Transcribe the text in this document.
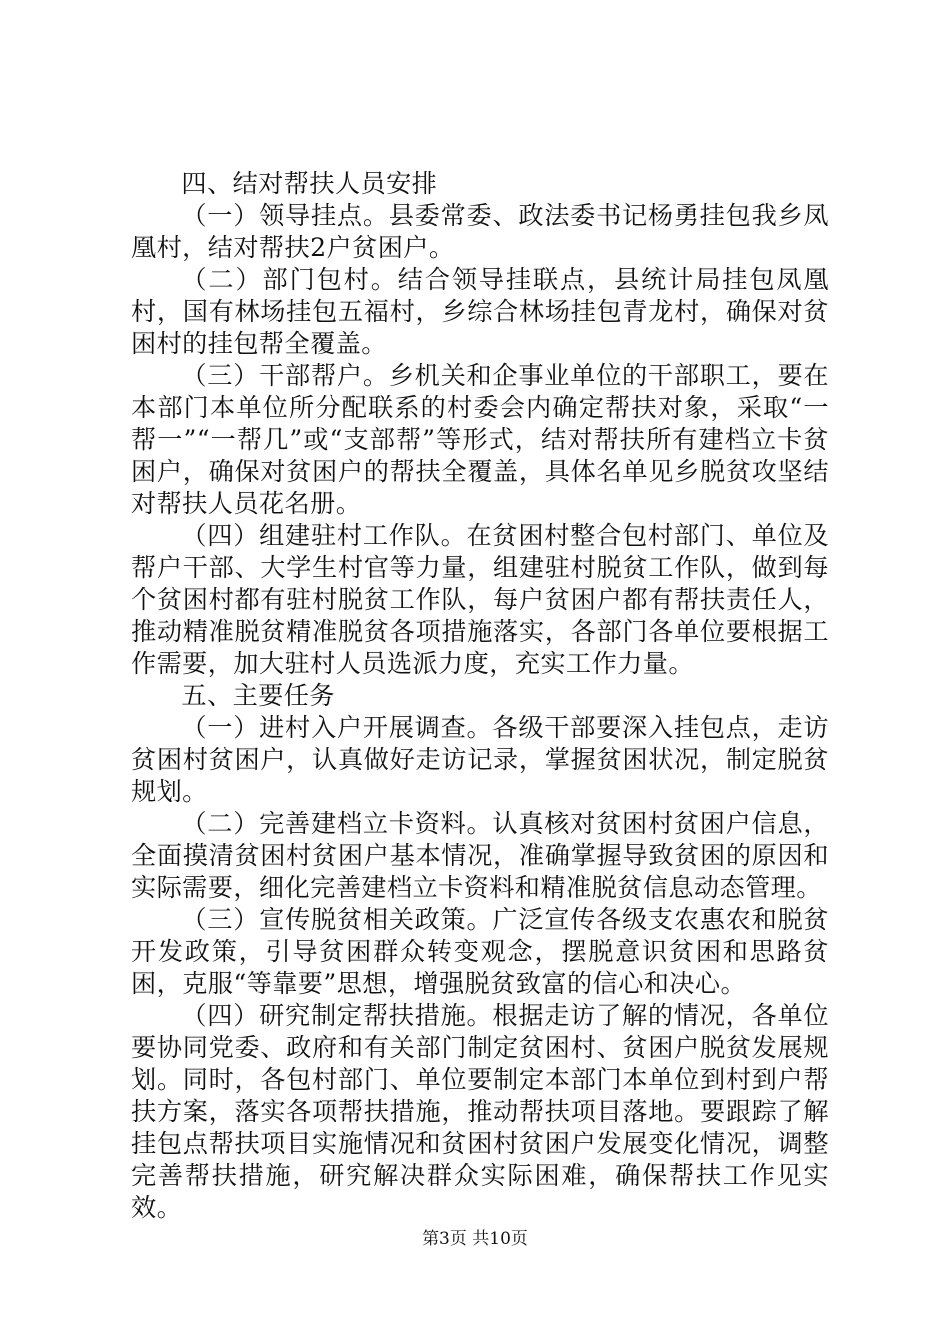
四、结对帮扶人员安排

（一）领导挂点。县委常委、政法委书记杨勇挂包我乡凤凰村，结对帮扶2户贫困户。

（二）部门包村。结合领导挂联点，县统计局挂包凤凰村，国有林场挂包五福村，乡综合林场挂包青龙村，确保对贫困村的挂包帮全覆盖。

（三）干部帮户。乡机关和企事业单位的干部职工，要在本部门本单位所分配联系的村委会内确定帮扶对象，采取“一帮一”“一帮几”或“支部帮”等形式，结对帮扶所有建档立卡贫困户，确保对贫困户的帮扶全覆盖，具体名单见乡脱贫攻坚结对帮扶人员花名册。

（四）组建驻村工作队。在贫困村整合包村部门、单位及帮户干部、大学生村官等力量，组建驻村脱贫工作队，做到每个贫困村都有驻村脱贫工作队，每户贫困户都有帮扶责任人，推动精准脱贫精准脱贫各项措施落实，各部门各单位要根据工作需要，加大驻村人员选派力度，充实工作力量。

五、主要任务

（一）进村入户开展调查。各级干部要深入挂包点，走访贫困村贫困户，认真做好走访记录，掌握贫困状况，制定脱贫规划。

（二）完善建档立卡资料。认真核对贫困村贫困户信息，全面摸清贫困村贫困户基本情况，准确掌握导致贫困的原因和实际需要，细化完善建档立卡资料和精准脱贫信息动态管理。

（三）宣传脱贫相关政策。广泛宣传各级支农惠农和脱贫开发政策，引导贫困群众转变观念，摆脱意识贫困和思路贫困，克服“等靠要”思想，增强脱贫致富的信心和决心。

（四）研究制定帮扶措施。根据走访了解的情况，各单位要协同党委、政府和有关部门制定贫困村、贫困户脱贫发展规划。同时，各包村部门、单位要制定本部门本单位到村到户帮扶方案，落实各项帮扶措施，推动帮扶项目落地。要跟踪了解挂包点帮扶项目实施情况和贫困村贫困户发展变化情况，调整完善帮扶措施，研究解决群众实际困难，确保帮扶工作见实效。

第3页 共10页
